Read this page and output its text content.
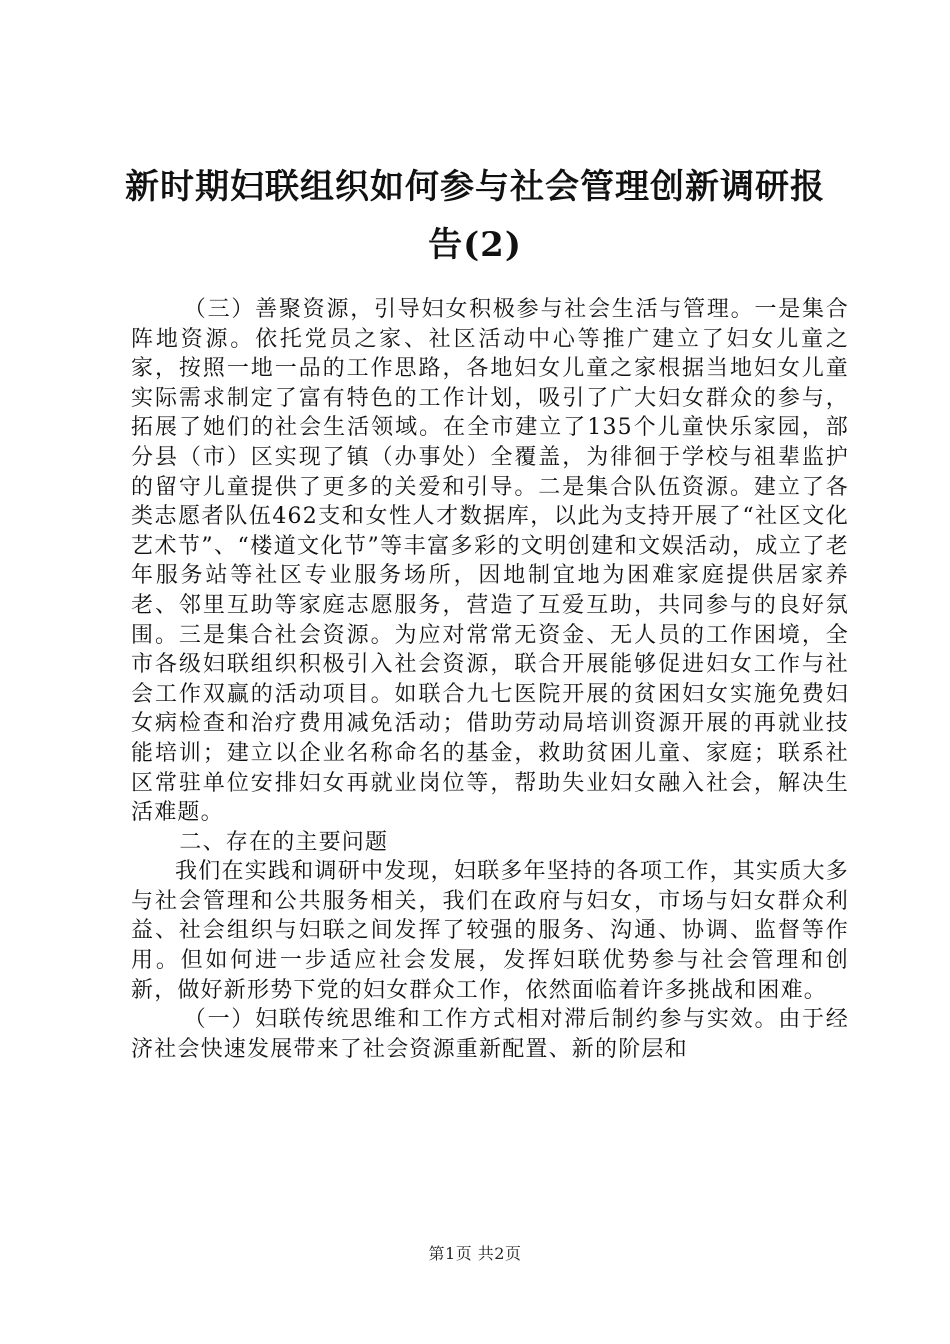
新时期妇联组织如何参与社会管理创新调研报
告(2)

（三）善聚资源，引导妇女积极参与社会生活与管理。一是集合阵地资源。依托党员之家、社区活动中心等推广建立了妇女儿童之家，按照一地一品的工作思路，各地妇女儿童之家根据当地妇女儿童实际需求制定了富有特色的工作计划，吸引了广大妇女群众的参与，拓展了她们的社会生活领域。在全市建立了135个儿童快乐家园，部分县（市）区实现了镇（办事处）全覆盖，为徘徊于学校与祖辈监护的留守儿童提供了更多的关爱和引导。二是集合队伍资源。建立了各类志愿者队伍462支和女性人才数据库，以此为支持开展了“社区文化艺术节”、“楼道文化节”等丰富多彩的文明创建和文娱活动，成立了老年服务站等社区专业服务场所，因地制宜地为困难家庭提供居家养老、邻里互助等家庭志愿服务，营造了互爱互助，共同参与的良好氛围。三是集合社会资源。为应对常常无资金、无人员的工作困境，全市各级妇联组织积极引入社会资源，联合开展能够促进妇女工作与社会工作双赢的活动项目。如联合九七医院开展的贫困妇女实施免费妇女病检查和治疗费用减免活动；借助劳动局培训资源开展的再就业技能培训；建立以企业名称命名的基金，救助贫困儿童、家庭；联系社区常驻单位安排妇女再就业岗位等，帮助失业妇女融入社会，解决生活难题。

二、存在的主要问题

我们在实践和调研中发现，妇联多年坚持的各项工作，其实质大多与社会管理和公共服务相关，我们在政府与妇女，市场与妇女群众利益、社会组织与妇联之间发挥了较强的服务、沟通、协调、监督等作用。但如何进一步适应社会发展，发挥妇联优势参与社会管理和创新，做好新形势下党的妇女群众工作，依然面临着许多挑战和困难。

（一）妇联传统思维和工作方式相对滞后制约参与实效。由于经济社会快速发展带来了社会资源重新配置、新的阶层和

第1页 共2页
